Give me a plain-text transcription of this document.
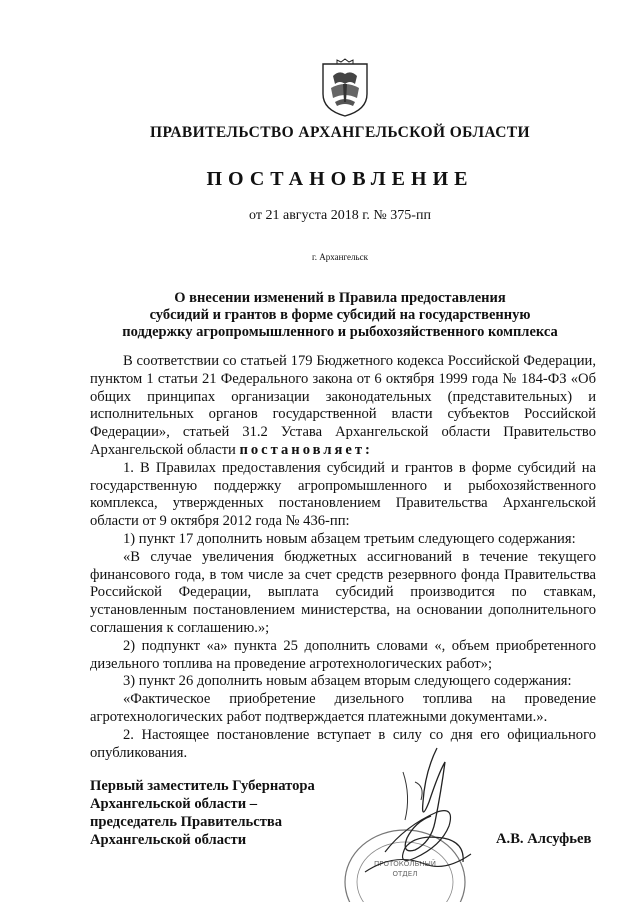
ПРАВИТЕЛЬСТВО АРХАНГЕЛЬСКОЙ ОБЛАСТИ
ПОСТАНОВЛЕНИЕ
от 21 августа 2018 г. № 375-пп
г. Архангельск
О внесении изменений в Правила предоставления
субсидий и грантов в форме субсидий на государственную
поддержку агропромышленного и рыбохозяйственного комплекса

В соответствии со статьей 179 Бюджетного кодекса Российской Федерации, пунктом 1 статьи 21 Федерального закона от 6 октября 1999 года № 184-ФЗ «Об общих принципах организации законодательных (представительных) и исполнительных органов государственной власти субъектов Российской Федерации», статьей 31.2 Устава Архангельской области Правительство Архангельской области постановляет:

1. В Правилах предоставления субсидий и грантов в форме субсидий на государственную поддержку агропромышленного и рыбохозяйственного комплекса, утвержденных постановлением Правительства Архангельской области от 9 октября 2012 года № 436-пп:

1) пункт 17 дополнить новым абзацем третьим следующего содержания:

«В случае увеличения бюджетных ассигнований в течение текущего финансового года, в том числе за счет средств резервного фонда Правительства Российской Федерации, выплата субсидий производится по ставкам, установленным постановлением министерства, на основании дополнительного соглашения к соглашению.»;

2) подпункт «а» пункта 25 дополнить словами «, объем приобретенного дизельного топлива на проведение агротехнологических работ»;

3) пункт 26 дополнить новым абзацем вторым следующего содержания:

«Фактическое приобретение дизельного топлива на проведение агротехнологических работ подтверждается платежными документами.».

2. Настоящее постановление вступает в силу со дня его официального опубликования.

ПРОТОКОЛЬНЫЙ
ОТДЕЛ
Первый заместитель Губернатора
Архангельской области –
председатель Правительства
Архангельской области	А.В. Алсуфьев
